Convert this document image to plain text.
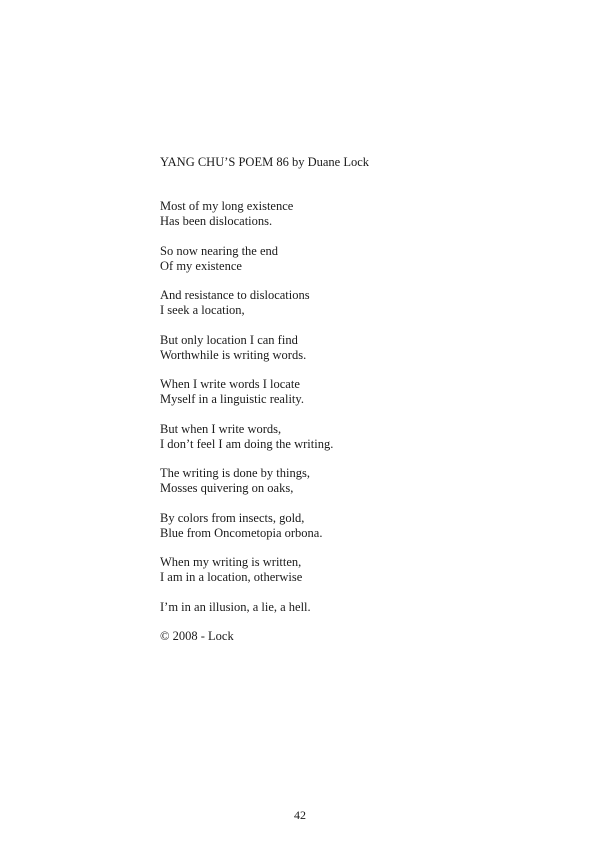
YANG CHU’S POEM 86 by Duane Lock
Most of my long existence
Has been dislocations.
So now nearing the end
Of my existence
And resistance to dislocations
I seek a location,
But only location I can find
Worthwhile is writing words.
When I write words I locate
Myself in a linguistic reality.
But when I write words,
I don’t feel I am doing the writing.
The writing is done by things,
Mosses quivering on oaks,
By colors from insects, gold,
Blue from Oncometopia orbona.
When my writing is written,
I am in a location, otherwise
I’m in an illusion, a lie, a hell.
© 2008 - Lock
42
